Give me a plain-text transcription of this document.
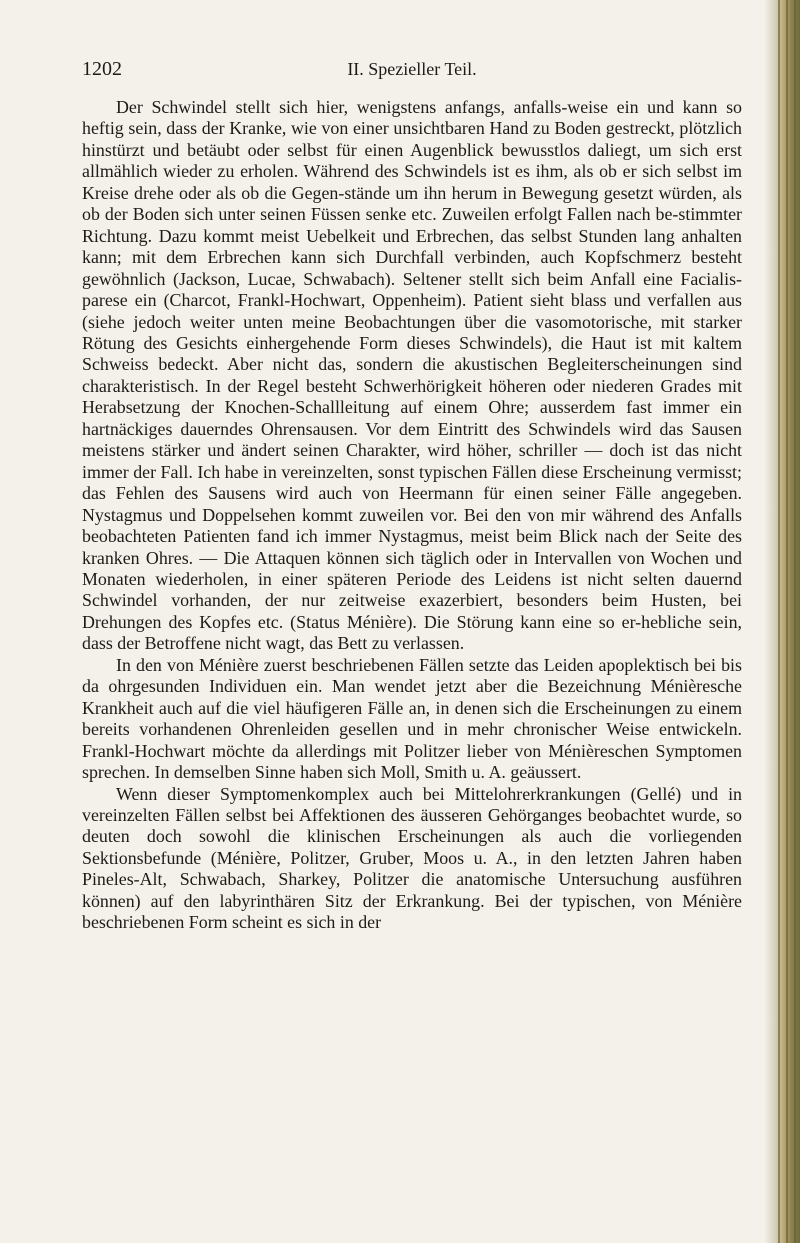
1202	II. Spezieller Teil.

Der Schwindel stellt sich hier, wenigstens anfangs, anfalls-weise ein und kann so heftig sein, dass der Kranke, wie von einer unsichtbaren Hand zu Boden gestreckt, plötzlich hinstürzt und betäubt oder selbst für einen Augenblick bewusstlos daliegt, um sich erst allmählich wieder zu erholen. Während des Schwindels ist es ihm, als ob er sich selbst im Kreise drehe oder als ob die Gegen-stände um ihn herum in Bewegung gesetzt würden, als ob der Boden sich unter seinen Füssen senke etc. Zuweilen erfolgt Fallen nach be-stimmter Richtung. Dazu kommt meist Uebelkeit und Erbrechen, das selbst Stunden lang anhalten kann; mit dem Erbrechen kann sich Durchfall verbinden, auch Kopfschmerz besteht gewöhnlich (Jackson, Lucae, Schwabach). Seltener stellt sich beim Anfall eine Facialis-parese ein (Charcot, Frankl-Hochwart, Oppenheim). Patient sieht blass und verfallen aus (siehe jedoch weiter unten meine Beobachtungen über die vasomotorische, mit starker Rötung des Gesichts einhergehende Form dieses Schwindels), die Haut ist mit kaltem Schweiss bedeckt. Aber nicht das, sondern die akustischen Begleiterscheinungen sind charakteristisch. In der Regel besteht Schwerhörigkeit höheren oder niederen Grades mit Herabsetzung der Knochen-Schallleitung auf einem Ohre; ausserdem fast immer ein hartnäckiges dauerndes Ohrensausen. Vor dem Eintritt des Schwindels wird das Sausen meistens stärker und ändert seinen Charakter, wird höher, schriller — doch ist das nicht immer der Fall. Ich habe in vereinzelten, sonst typischen Fällen diese Erscheinung vermisst; das Fehlen des Sausens wird auch von Heermann für einen seiner Fälle angegeben. Nystagmus und Doppelsehen kommt zuweilen vor. Bei den von mir während des Anfalls beobachteten Patienten fand ich immer Nystagmus, meist beim Blick nach der Seite des kranken Ohres. — Die Attaquen können sich täglich oder in Intervallen von Wochen und Monaten wiederholen, in einer späteren Periode des Leidens ist nicht selten dauernd Schwindel vorhanden, der nur zeitweise exazerbiert, besonders beim Husten, bei Drehungen des Kopfes etc. (Status Ménière). Die Störung kann eine so er-hebliche sein, dass der Betroffene nicht wagt, das Bett zu verlassen.

In den von Ménière zuerst beschriebenen Fällen setzte das Leiden apoplektisch bei bis da ohrgesunden Individuen ein. Man wendet jetzt aber die Bezeichnung Ménièresche Krankheit auch auf die viel häufigeren Fälle an, in denen sich die Erscheinungen zu einem bereits vorhandenen Ohrenleiden gesellen und in mehr chronischer Weise entwickeln. Frankl-Hochwart möchte da allerdings mit Politzer lieber von Ménièreschen Symptomen sprechen. In demselben Sinne haben sich Moll, Smith u. A. geäussert.

Wenn dieser Symptomenkomplex auch bei Mittelohrerkrankungen (Gellé) und in vereinzelten Fällen selbst bei Affektionen des äusseren Gehörganges beobachtet wurde, so deuten doch sowohl die klinischen Erscheinungen als auch die vorliegenden Sektionsbefunde (Ménière, Politzer, Gruber, Moos u. A., in den letzten Jahren haben Pineles-Alt, Schwabach, Sharkey, Politzer die anatomische Untersuchung ausführen können) auf den labyrinthären Sitz der Erkrankung. Bei der typischen, von Ménière beschriebenen Form scheint es sich in der
